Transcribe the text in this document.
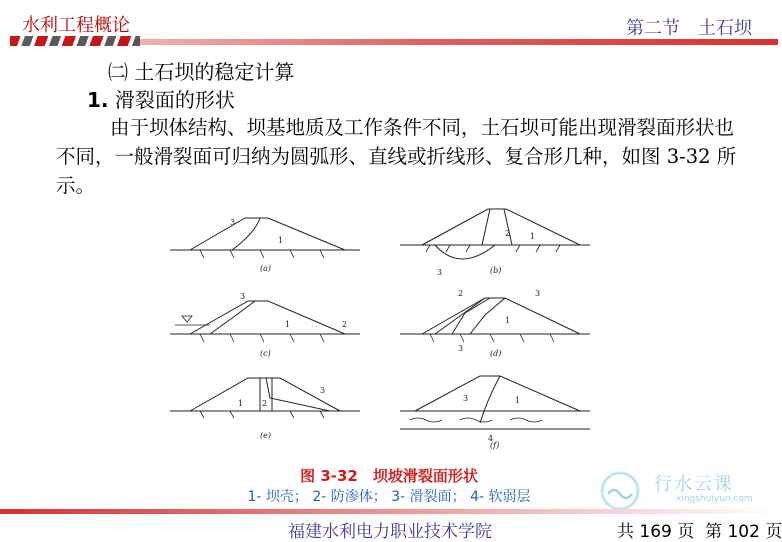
水利工程概论	第二节　土石坝
㈡ 土石坝的稳定计算
1. 滑裂面的形状
由于坝体结构、坝基地质及工作条件不同，土石坝可能出现滑裂面形状也不同，一般滑裂面可归纳为圆弧形、直线或折线形、复合形几种，如图 3-32 所示。
3
1
(a)	3
2 1
(b)
3
1	2
(c)
2	3
1
3
(d)
1 2
3
(e)
3	1
4
(f)
图 3-32　坝坡滑裂面形状
1- 坝壳； 2- 防渗体； 3- 滑裂面； 4- 软弱层
行水云课
xingshuiyun.com
福建水利电力职业技术学院	共 169 页  第 102 页
